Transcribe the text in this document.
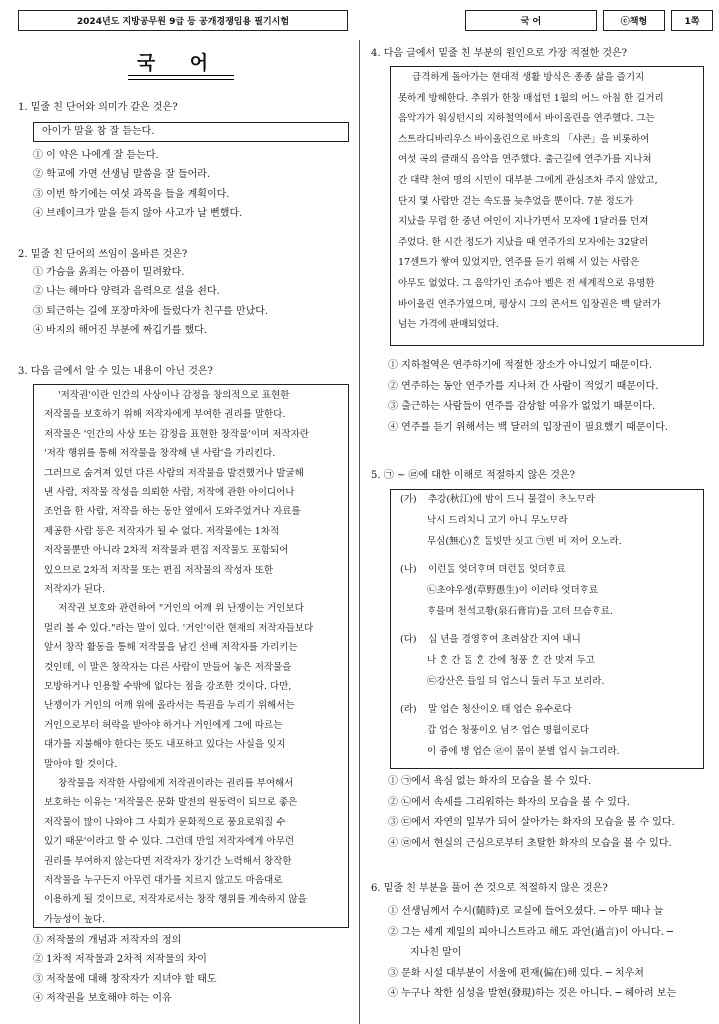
2024년도 지방공무원 9급 등 공개경쟁임용 필기시험	국 어	ⓒ책형	1쪽
국 어
1. 밑줄 친 단어와 의미가 같은 것은?
아이가 말을 참 잘 듣는다.
① 이 약은 나에게 잘 듣는다.
② 학교에 가면 선생님 말씀을 잘 들어라.
③ 이번 학기에는 여섯 과목을 들을 계획이다.
④ 브레이크가 말을 듣지 않아 사고가 날 뻔했다.
2. 밑줄 친 단어의 쓰임이 올바른 것은?
① 가슴을 옭죄는 아픔이 밀려왔다.
② 나는 해마다 양력과 음력으로 설을 쇤다.
③ 퇴근하는 길에 포장마차에 들렀다가 친구를 만났다.
④ 바지의 해어진 부분에 짜깁기를 했다.
3. 다음 글에서 알 수 있는 내용이 아닌 것은?
'저작권'이란 인간의 사상이나 감정을 창의적으로 표현한
저작물을 보호하기 위해 저작자에게 부여한 권리를 말한다.
저작물은 '인간의 사상 또는 감정을 표현한 창작물'이며 저작자란
'저작 행위를 통해 저작물을 창작해 낸 사람'을 가리킨다.
그러므로 숨겨져 있던 다른 사람의 저작물을 발견했거나 발굴해
낸 사람, 저작물 작성을 의뢰한 사람, 저작에 관한 아이디어나
조언을 한 사람, 저작을 하는 동안 옆에서 도와주었거나 자료를
제공한 사람 등은 저작자가 될 수 없다. 저작물에는 1차적
저작물뿐만 아니라 2차적 저작물과 편집 저작물도 포함되어
있으므로 2차적 저작물 또는 편집 저작물의 작성자 또한
저작자가 된다.
저작권 보호와 관련하여 "거인의 어깨 위 난쟁이는 거인보다
멀리 볼 수 있다."라는 말이 있다. '거인'이란 현재의 저작자들보다
앞서 창작 활동을 통해 저작물을 남긴 선배 저작자를 가리키는
것인데, 이 말은 창작자는 다른 사람이 만들어 놓은 저작물을
모방하거나 인용할 수밖에 없다는 점을 강조한 것이다. 다만,
난쟁이가 거인의 어깨 위에 올라서는 특권을 누리기 위해서는
거인으로부터 허락을 받아야 하거나 거인에게 그에 따르는
대가를 지불해야 한다는 뜻도 내포하고 있다는 사실을 잊지
말아야 할 것이다.
창작물을 저작한 사람에게 저작권이라는 권리를 부여해서
보호하는 이유는 '저작물은 문화 발전의 원동력이 되므로 좋은
저작물이 많이 나와야 그 사회가 문화적으로 풍요로워질 수
있기 때문'이라고 할 수 있다. 그런데 만일 저작자에게 아무런
권리를 부여하지 않는다면 저작자가 장기간 노력해서 창작한
저작물을 누구든지 아무런 대가를 치르지 않고도 마음대로
이용하게 될 것이므로, 저작자로서는 창작 행위를 계속하지 않을
가능성이 높다.
① 저작물의 개념과 저작자의 정의
② 1차적 저작물과 2차적 저작물의 차이
③ 저작물에 대해 창작자가 지녀야 할 태도
④ 저작권을 보호해야 하는 이유
4. 다음 글에서 밑줄 친 부분의 원인으로 가장 적절한 것은?
급격하게 돌아가는 현대적 생활 방식은 종종 삶을 즐기지
못하게 방해한다. 추위가 한창 매섭던 1월의 어느 아침 한 길거리
음악가가 워싱턴시의 지하철역에서 바이올린을 연주했다. 그는
스트라디바리우스 바이올린으로 바흐의 「샤콘」을 비롯하여
여섯 곡의 클래식 음악을 연주했다. 출근길에 연주가를 지나쳐
간 대략 천여 명의 시민이 대부분 그에게 관심조차 주지 않았고,
단지 몇 사람만 걷는 속도를 늦추었을 뿐이다. 7분 정도가
지났을 무렵 한 중년 여인이 지나가면서 모자에 1달러를 던져
주었다. 한 시간 정도가 지났을 때 연주가의 모자에는 32달러
17센트가 쌓여 있었지만, 연주를 듣기 위해 서 있는 사람은
아무도 없었다. 그 음악가인 조슈아 벨은 전 세계적으로 유명한
바이올린 연주가였으며, 평상시 그의 콘서트 입장권은 백 달러가
넘는 가격에 판매되었다.
① 지하철역은 연주하기에 적절한 장소가 아니었기 때문이다.
② 연주하는 동안 연주가를 지나쳐 간 사람이 적었기 때문이다.
③ 출근하는 사람들이 연주를 감상할 여유가 없었기 때문이다.
④ 연주를 듣기 위해서는 백 달러의 입장권이 필요했기 때문이다.
5. ㉠ ~ ㉣에 대한 이해로 적절하지 않은 것은?
(가) 추강(秋江)에 밤이 드니 물결이 ᄎᆞ노ᄆᆞ라
낙시 드리치니 고기 아니 무노ᄆᆞ라
무심(無心)ᄒᆞᆫ ᄃᆞᆯ빗만 싯고 ㉠빈 비 저어 오노라.
(나) 이런ᄃᆞᆯ 엇더ᄒᆞ며 뎌런ᄃᆞᆯ 엇더ᄒᆞ료
㉡초야우생(草野愚生)이 이러타 엇더ᄒᆞ료
ᄒᆞ믈며 천석고황(泉石膏肓)을 고텨 므슴ᄒᆞ료.
(다) 십 년을 경영ᄒᆞ여 초려삼간 지여 내니
나 ᄒᆞᆫ 간 ᄃᆞᆯ ᄒᆞᆫ 간에 청풍 ᄒᆞᆫ 간 맛져 두고
㉢강산은 들일 듸 업스니 둘러 두고 보리라.
(라) 말 업슨 청산이오 태 업슨 유수로다
갑 업슨 청풍이오 님ᄌᆞ 업슨 명월이로다
이 즁에 병 업슨 ㉣이 몸이 분별 업시 늙그리라.
① ㉠에서 욕심 없는 화자의 모습을 볼 수 있다.
② ㉡에서 속세를 그리워하는 화자의 모습을 볼 수 있다.
③ ㉢에서 자연의 일부가 되어 살아가는 화자의 모습을 볼 수 있다.
④ ㉣에서 현실의 근심으로부터 초탈한 화자의 모습을 볼 수 있다.
6. 밑줄 친 부분을 풀어 쓴 것으로 적절하지 않은 것은?
① 선생님께서 수시(隨時)로 교실에 들어오셨다. ─ 아무 때나 늘
② 그는 세계 제일의 피아니스트라고 해도 과언(過言)이 아니다. ─
지나친 말이
③ 문화 시설 대부분이 서울에 편재(偏在)해 있다. ─ 치우쳐
④ 누구나 착한 심성을 발현(發現)하는 것은 아니다. ─ 헤아려 보는
